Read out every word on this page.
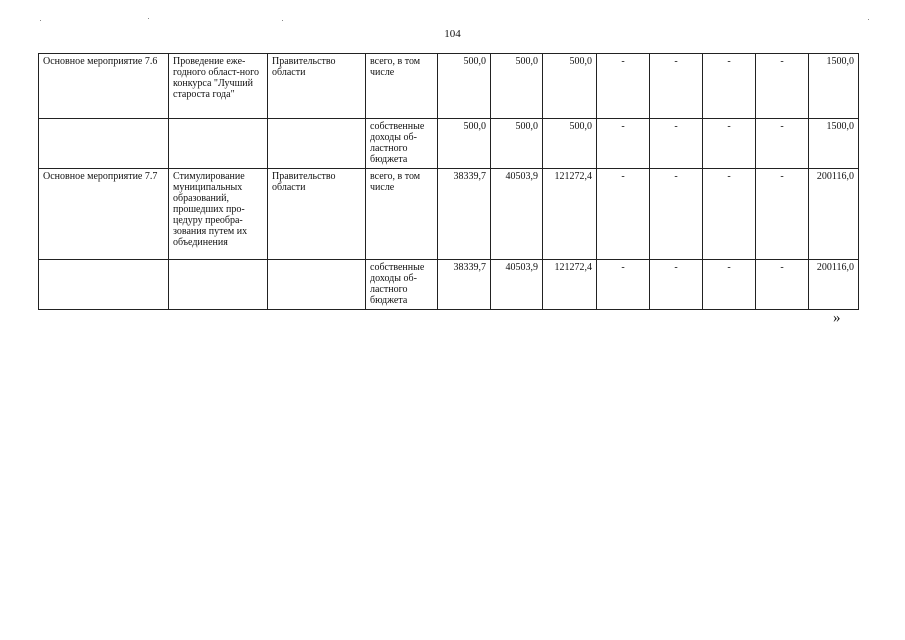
104
Основное мероприятие 7.6	Проведение еже-годного област-ного конкурса "Лучший староста года"	Правительство области	всего, в том числе	500,0	500,0	500,0	-	-	-	-	1500,0
			собственные доходы об-ластного бюджета	500,0	500,0	500,0	-	-	-	-	1500,0
Основное мероприятие 7.7	Стимулирование муниципальных образований, прошедших про-цедуру преобра-зования путем их объединения	Правительство области	всего, в том числе	38339,7	40503,9	121272,4	-	-	-	-	200116,0
			собственные доходы об-ластного бюджета	38339,7	40503,9	121272,4	-	-	-	-	200116,0
»
